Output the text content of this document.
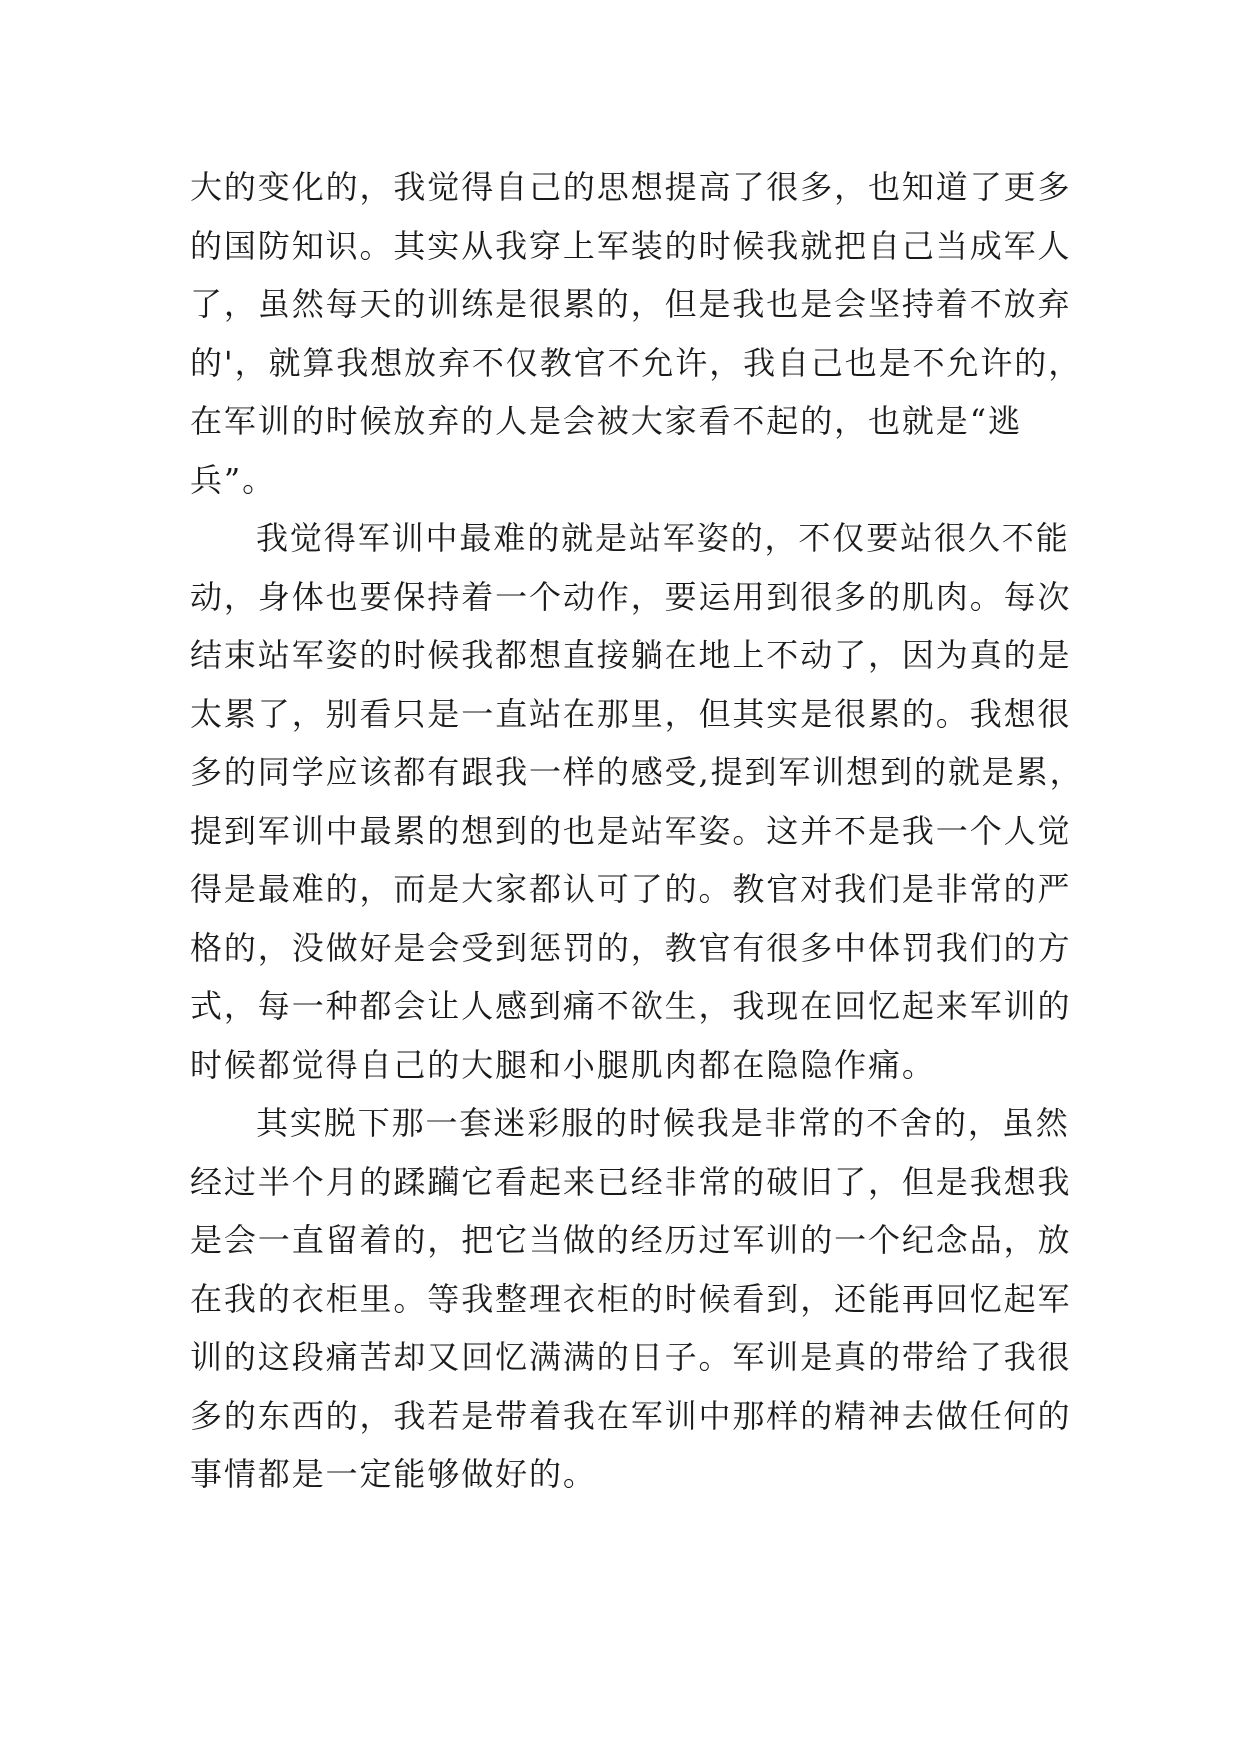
大的变化的，我觉得自己的思想提高了很多，也知道了更多
的国防知识。其实从我穿上军装的时候我就把自己当成军人
了，虽然每天的训练是很累的，但是我也是会坚持着不放弃
的'，就算我想放弃不仅教官不允许，我自己也是不允许的，
在军训的时候放弃的人是会被大家看不起的，也就是“逃
兵”。
我觉得军训中最难的就是站军姿的，不仅要站很久不能
动，身体也要保持着一个动作，要运用到很多的肌肉。每次
结束站军姿的时候我都想直接躺在地上不动了，因为真的是
太累了，别看只是一直站在那里，但其实是很累的。我想很
多的同学应该都有跟我一样的感受,提到军训想到的就是累，
提到军训中最累的想到的也是站军姿。这并不是我一个人觉
得是最难的，而是大家都认可了的。教官对我们是非常的严
格的，没做好是会受到惩罚的，教官有很多中体罚我们的方
式，每一种都会让人感到痛不欲生，我现在回忆起来军训的
时候都觉得自己的大腿和小腿肌肉都在隐隐作痛。
其实脱下那一套迷彩服的时候我是非常的不舍的，虽然
经过半个月的蹂躏它看起来已经非常的破旧了，但是我想我
是会一直留着的，把它当做的经历过军训的一个纪念品，放
在我的衣柜里。等我整理衣柜的时候看到，还能再回忆起军
训的这段痛苦却又回忆满满的日子。军训是真的带给了我很
多的东西的，我若是带着我在军训中那样的精神去做任何的
事情都是一定能够做好的。
